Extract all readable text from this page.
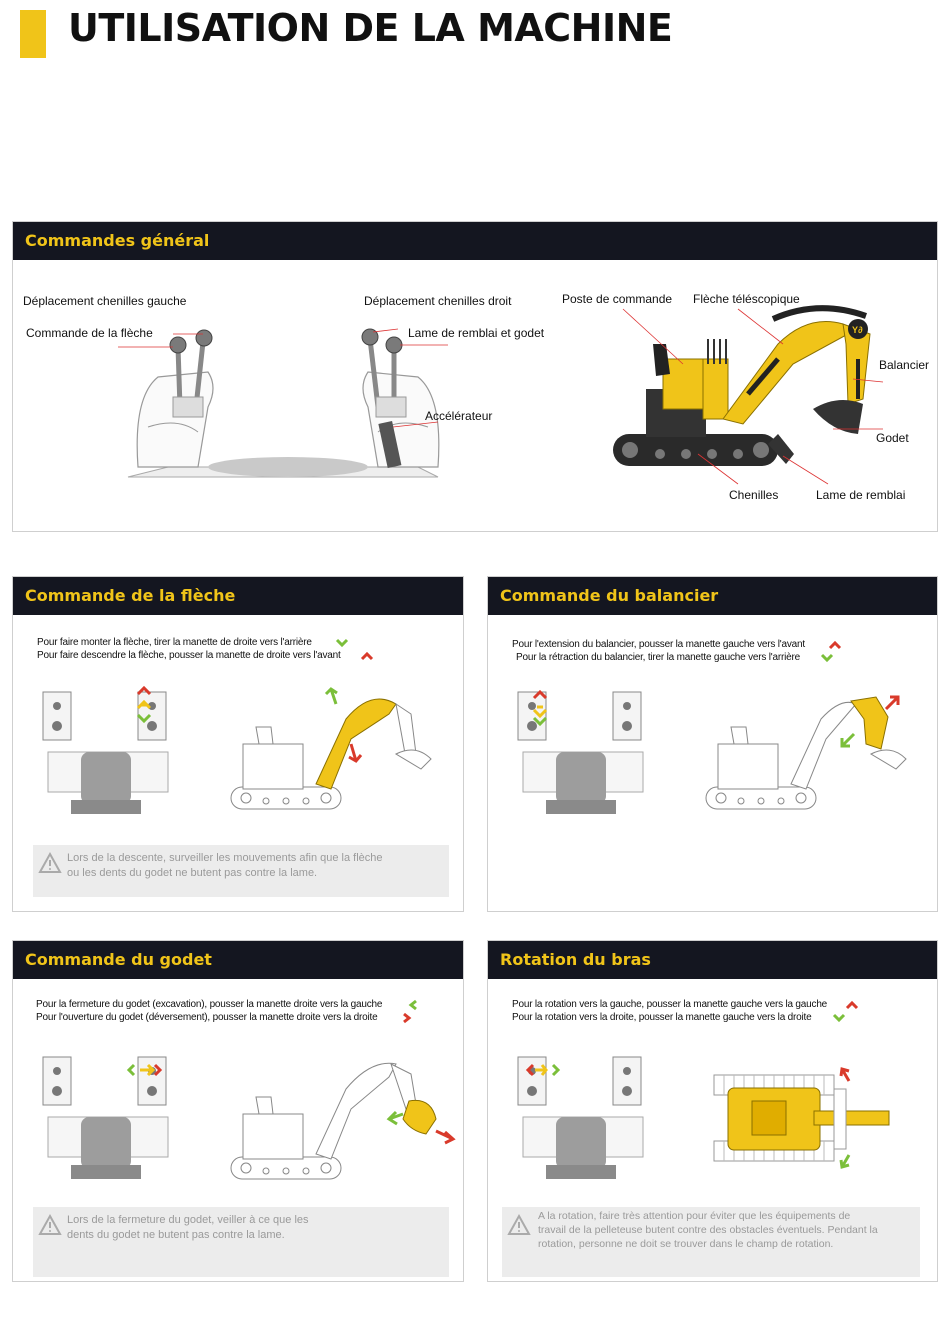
UTILISATION DE LA MACHINE
Commandes général
Déplacement chenilles gauche
Commande de la flèche
Déplacement chenilles droit
Lame de remblai et godet
Accélérateur
Y∂
Poste de commande Flèche téléscopique
Balancier
Godet
Chenilles	Lame de remblai
Commande de la flèche
Pour faire monter la flèche, tirer la manette de droite vers l'arrière
Pour faire descendre la flèche, pousser la manette de droite vers l'avant
Lors de la descente, surveiller les mouvements afin que la flèche ou les dents du godet ne butent pas contre la lame.
Commande du balancier
Pour l'extension du balancier, pousser la manette gauche vers l'avant
Pour la rétraction du balancier, tirer la manette gauche vers l'arrière
Commande du godet
Pour la fermeture du godet (excavation), pousser la manette droite vers la gauche
Pour l'ouverture du godet (déversement), pousser la manette droite vers la droite
Lors de la fermeture du godet, veiller à ce que les dents du godet ne butent pas contre la lame.
Rotation du bras
Pour la rotation vers la gauche, pousser la manette gauche vers la gauche
Pour la rotation vers la droite, pousser la manette gauche vers la droite
A la rotation, faire très attention pour éviter que les équipements de travail de la pelleteuse butent contre des obstacles éventuels. Pendant la rotation, personne ne doit se trouver dans le champ de rotation.
